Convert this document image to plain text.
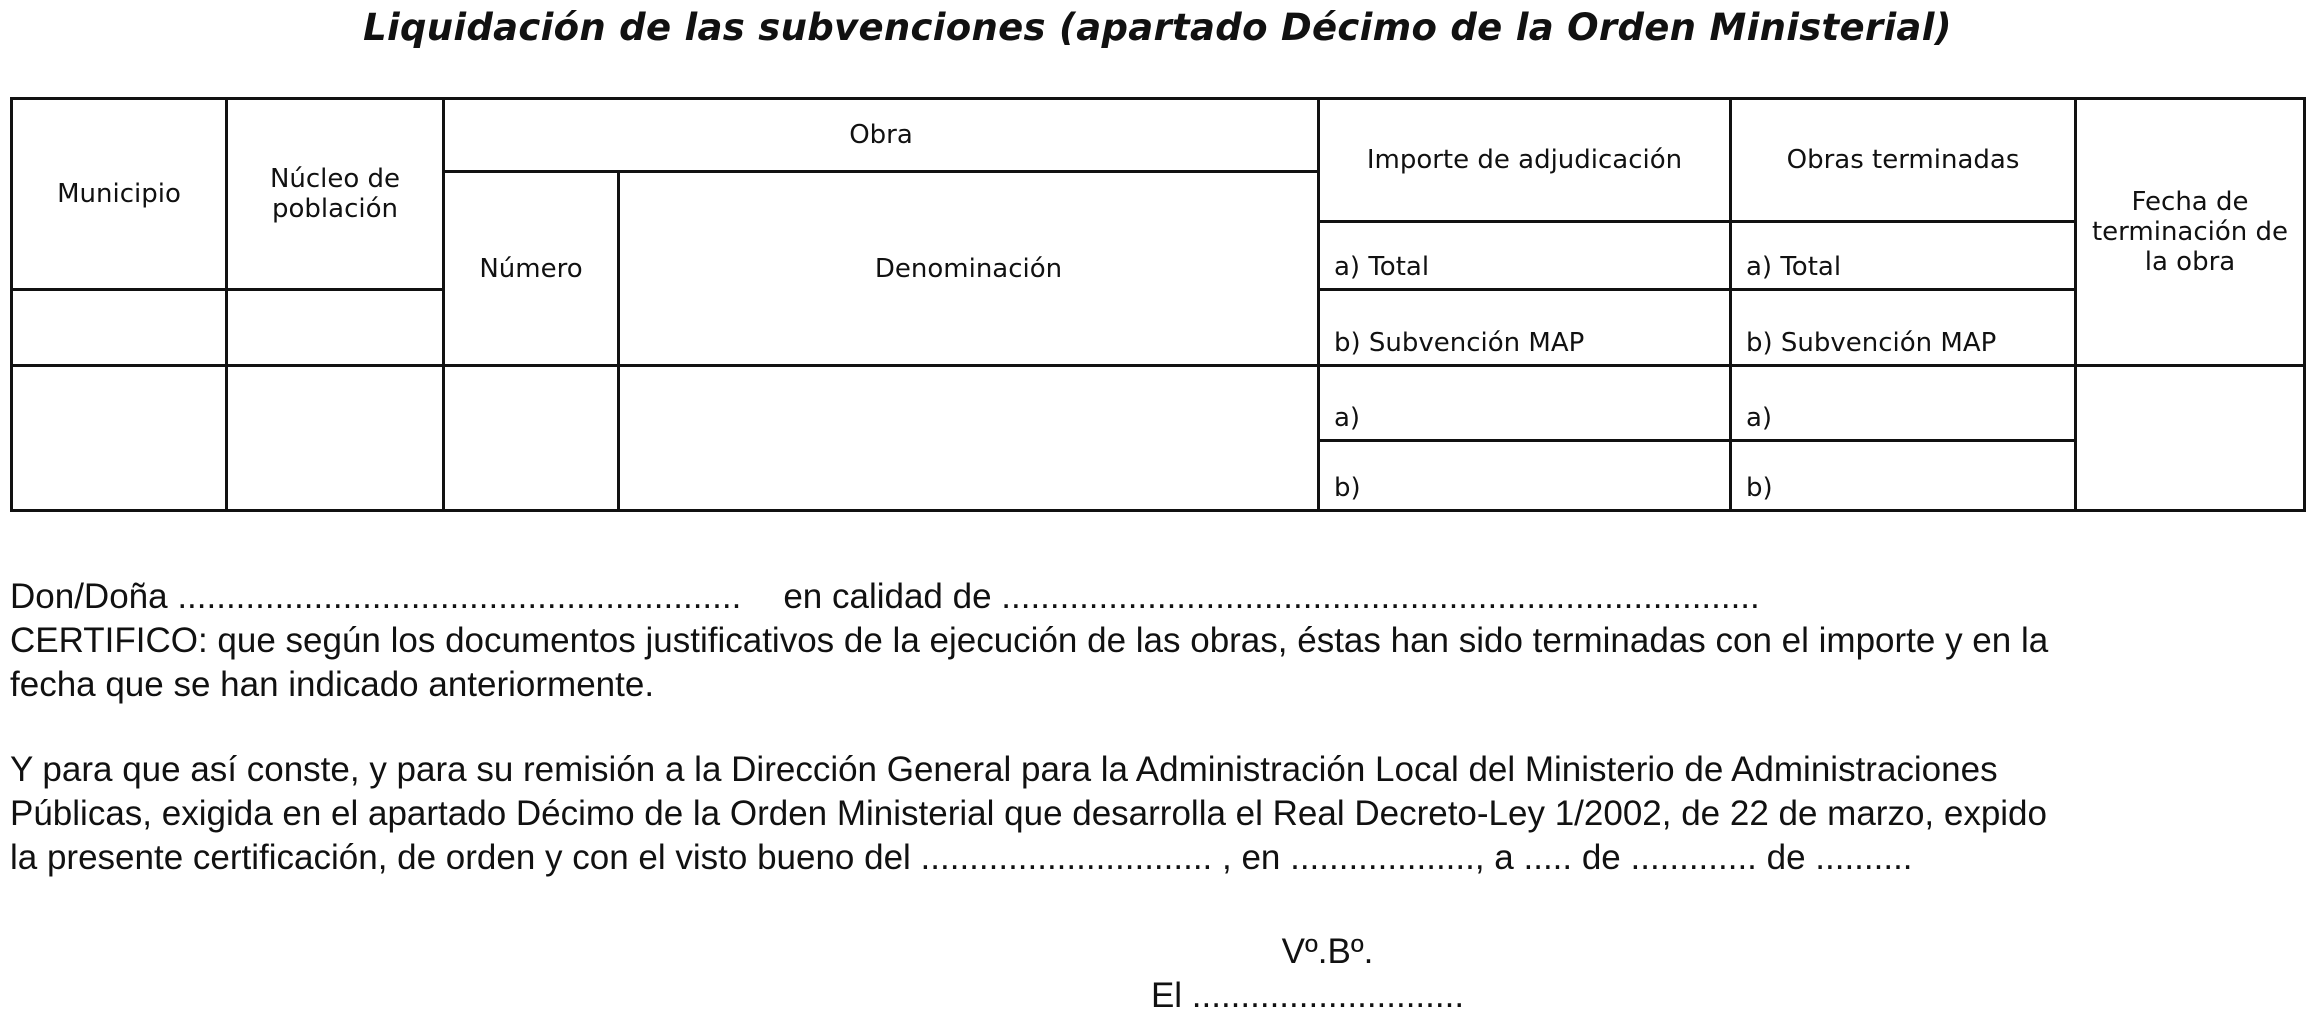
Liquidación de las subvenciones (apartado Décimo de la Orden Ministerial)
Municipio	Núcleo de población	Obra		Importe de adjudicación	Obras terminadas	Fecha de terminación de la obra
		Número	Denominación			
				a) Total	a) Total	
				b) Subvención MAP	b) Subvención MAP	
				a)	a)	
				b)	b)	
Don/Doña .......................................................... en calidad de ..............................................................................
CERTIFICO: que según los documentos justificativos de la ejecución de las obras, éstas han sido terminadas con el importe y en la
fecha que se han indicado anteriormente.
Y para que así conste, y para su remisión a la Dirección General para la Administración Local del Ministerio de Administraciones
Públicas, exigida en el apartado Décimo de la Orden Ministerial que desarrolla el Real Decreto-Ley 1/2002, de 22 de marzo, expido
la presente certificación, de orden y con el visto bueno del .............................. , en ..................., a ..... de ............. de ..........
Vº.Bº.
El ............................
